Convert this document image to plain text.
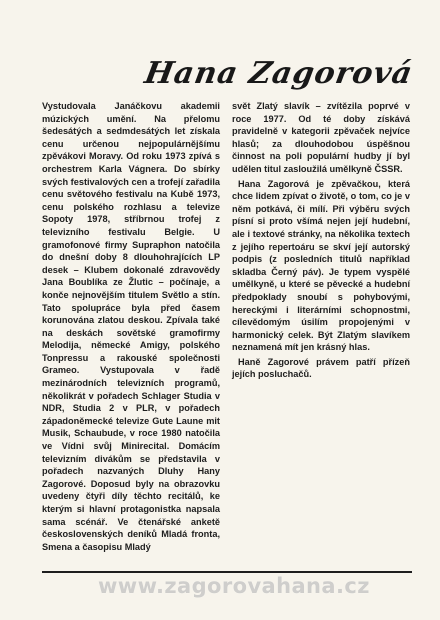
Hana Zagorová

Vystudovala Janáčkovu akademii múzických umění. Na přelomu šedesátých a sedmdesátých let získala cenu určenou nejpopulárnějšímu zpěvákovi Moravy. Od roku 1973 zpívá s orchestrem Karla Vágnera. Do sbírky svých festivalových cen a trofejí zařadila cenu světového festivalu na Kubě 1973, cenu polského rozhlasu a televize Sopoty 1978, stříbrnou trofej z televizního festivalu Belgie. U gramofonové firmy Supraphon natočila do dnešní doby 8 dlouhohrajících LP desek – Klubem dokonalé zdravovědy Jana Boublíka ze Žlutic – počínaje, a konče nejnovějším titulem Světlo a stín. Tato spolupráce byla před časem korunována zlatou deskou. Zpívala také na deskách sovětské gramofirmy Melodija, německé Amigy, polského Tonpressu a rakouské společnosti Grameo. Vystupovala v řadě mezinárodních televizních programů, několikrát v pořadech Schlager Studia v NDR, Studia 2 v PLR, v pořadech západoněmecké televize Gute Laune mit Musik, Schaubude, v roce 1980 natočila ve Vídni svůj Minirecital. Domácím televizním divákům se představila v pořadech nazvaných Dluhy Hany Zagorové. Doposud byly na obrazovku uvedeny čtyři díly těchto recitálů, ke kterým si hlavní protagonistka napsala sama scénář. Ve čtenářské anketě československých deníků Mladá fronta, Smena a časopisu Mladý

svět Zlatý slavík – zvítězila poprvé v roce 1977. Od té doby získává pravidelně v kategorii zpěvaček nejvíce hlasů; za dlouhodobou úspěšnou činnost na poli populární hudby jí byl udělen titul zasloužilá umělkyně ČSSR.

Hana Zagorová je zpěvačkou, která chce lidem zpívat o životě, o tom, co je v něm potkává, či mílí. Při výběru svých písní si proto všímá nejen její hudební, ale i textové stránky, na několika textech z jejího repertoáru se skví její autorský podpis (z posledních titulů například skladba Černý páv). Je typem vyspělé umělkyně, u které se pěvecké a hudební předpoklady snoubí s pohybovými, hereckými i literárními schopnostmi, cílevědomým úsilím propojenými v harmonický celek. Být Zlatým slavíkem neznamená mít jen krásný hlas.

Haně Zagorové právem patří přízeň jejích posluchačů.

www.zagorovahana.cz
